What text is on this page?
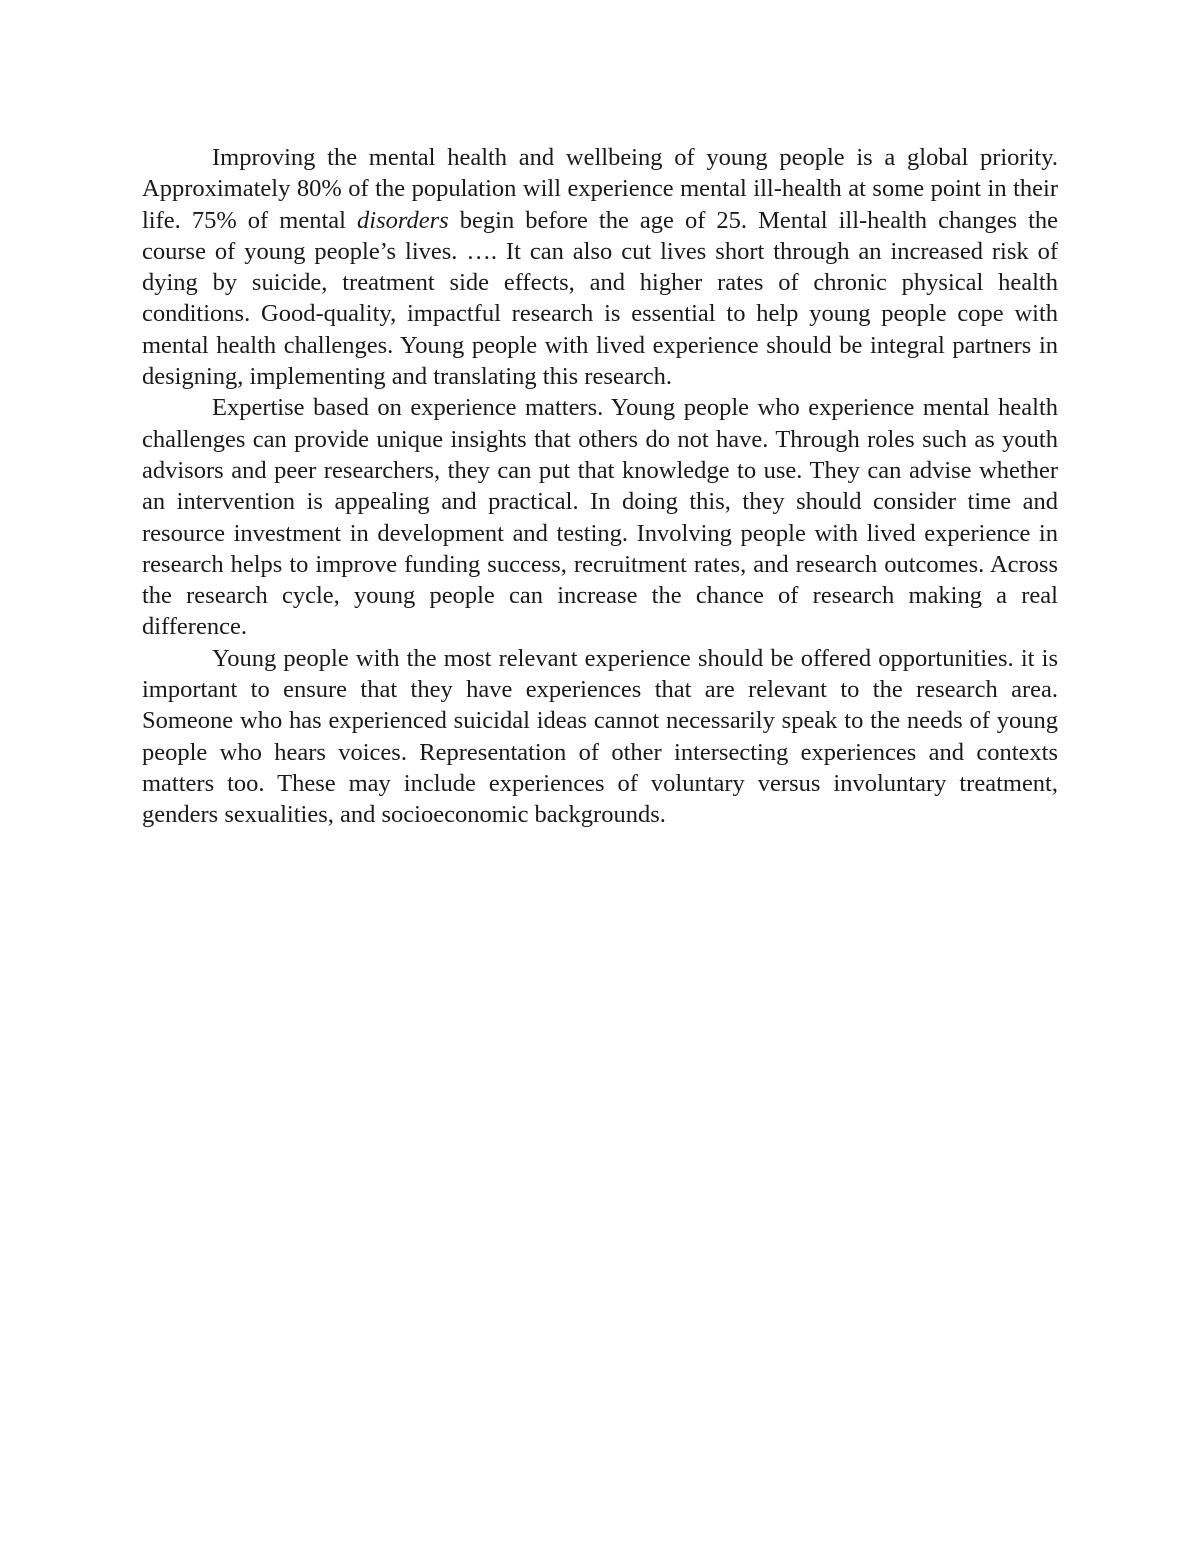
Improving the mental health and wellbeing of young people is a global priority. Approximately 80% of the population will experience mental ill-health at some point in their life. 75% of mental disorders begin before the age of 25. Mental ill-health changes the course of young people’s lives. …. It can also cut lives short through an increased risk of dying by suicide, treatment side effects, and higher rates of chronic physical health conditions. Good-quality, impactful research is essential to help young people cope with mental health challenges. Young people with lived experience should be integral partners in designing, implementing and translating this research.

Expertise based on experience matters. Young people who experience mental health challenges can provide unique insights that others do not have. Through roles such as youth advisors and peer researchers, they can put that knowledge to use. They can advise whether an intervention is appealing and practical. In doing this, they should consider time and resource investment in development and testing. Involving people with lived experience in research helps to improve funding success, recruitment rates, and research outcomes. Across the research cycle, young people can increase the chance of research making a real difference.

Young people with the most relevant experience should be offered opportunities. it is important to ensure that they have experiences that are relevant to the research area. Someone who has experienced suicidal ideas cannot necessarily speak to the needs of young people who hears voices. Representation of other intersecting experiences and contexts matters too. These may include experiences of voluntary versus involuntary treatment, genders sexualities, and socioeconomic backgrounds.
